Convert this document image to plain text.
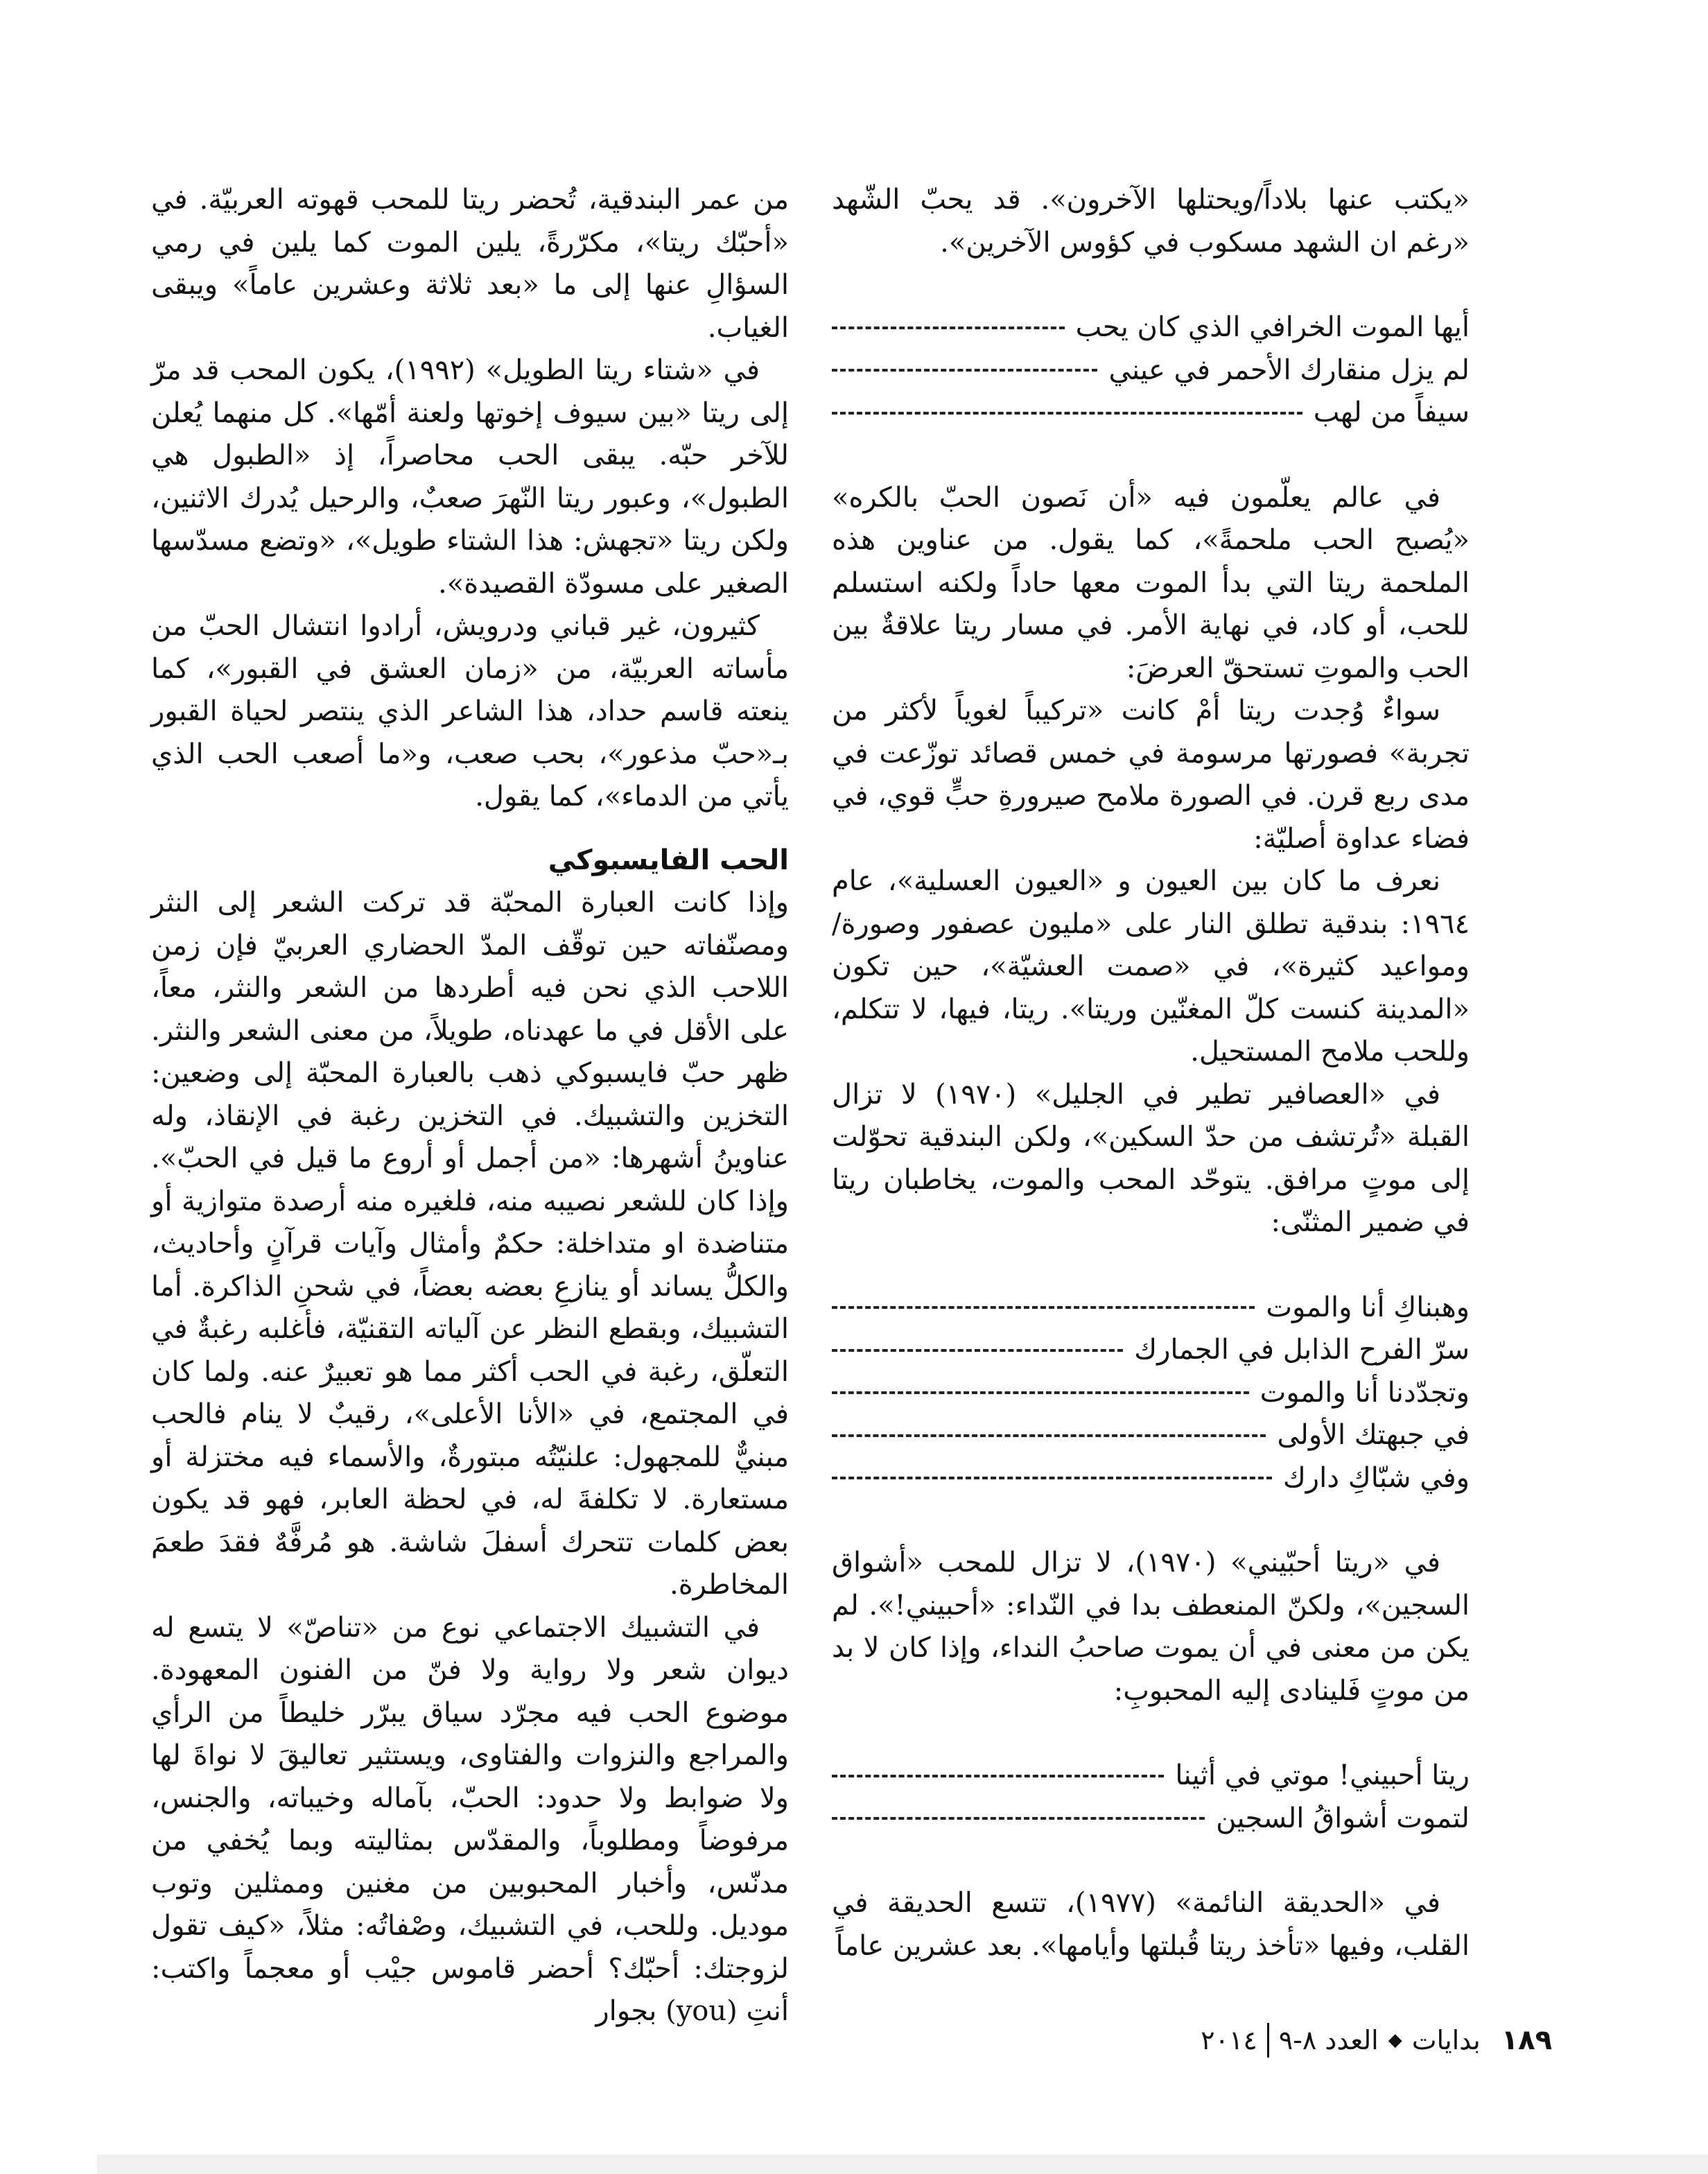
«يكتب عنها بلاداً/ويحتلها الآخرون». قد يحبّ الشّهد «رغم ان الشهد مسكوب في كؤوس الآخرين».

أيها الموت الخرافي الذي كان يحب
لم يزل منقارك الأحمر في عيني
سيفاً من لهب

في عالم يعلّمون فيه «أن نَصون الحبّ بالكره» «يُصبح الحب ملحمةً»، كما يقول. من عناوين هذه الملحمة ريتا التي بدأ الموت معها حاداً ولكنه استسلم للحب، أو كاد، في نهاية الأمر. في مسار ريتا علاقةٌ بين الحب والموتِ تستحقّ العرضَ:

سواءٌ وُجدت ريتا أمْ كانت «تركيباً لغوياً لأكثر من تجربة» فصورتها مرسومة في خمس قصائد توزّعت في مدى ربع قرن. في الصورة ملامح صيرورةِ حبٍّ قوي، في فضاء عداوة أصليّة:

نعرف ما كان بين العيون و «العيون العسلية»، عام ١٩٦٤: بندقية تطلق النار على «مليون عصفور وصورة/ومواعيد كثيرة»، في «صمت العشيّة»، حين تكون «المدينة كنست كلّ المغنّين وريتا». ريتا، فيها، لا تتكلم، وللحب ملامح المستحيل.

في «العصافير تطير في الجليل» (١٩٧٠) لا تزال القبلة «تُرتشف من حدّ السكين»، ولكن البندقية تحوّلت إلى موتٍ مرافق. يتوحّد المحب والموت، يخاطبان ريتا في ضمير المثنّى:

وهبناكِ أنا والموت
سرّ الفرح الذابل في الجمارك
وتجدّدنا أنا والموت
في جبهتك الأولى
وفي شبّاكِ دارك

في «ريتا أحبّيني» (١٩٧٠)، لا تزال للمحب «أشواق السجين»، ولكنّ المنعطف بدا في النّداء: «أحبيني!». لم يكن من معنى في أن يموت صاحبُ النداء، وإذا كان لا بد من موتٍ فَلينادى إليه المحبوبِ:

ريتا أحبيني! موتي في أثينا
لتموت أشواقُ السجين

في «الحديقة النائمة» (١٩٧٧)، تتسع الحديقة في القلب، وفيها «تأخذ ريتا قُبلتها وأيامها». بعد عشرين عاماً

من عمر البندقية، تُحضر ريتا للمحب قهوته العربيّة. في «أحبّك ريتا»، مكرّرةً، يلين الموت كما يلين في رمي السؤالِ عنها إلى ما «بعد ثلاثة وعشرين عاماً» ويبقى الغياب.

في «شتاء ريتا الطويل» (١٩٩٢)، يكون المحب قد مرّ إلى ريتا «بين سيوف إخوتها ولعنة أمّها». كل منهما يُعلن للآخر حبّه. يبقى الحب محاصراً، إذ «الطبول هي الطبول»، وعبور ريتا النّهرَ صعبٌ، والرحيل يُدرك الاثنين، ولكن ريتا «تجهش: هذا الشتاء طويل»، «وتضع مسدّسها الصغير على مسودّة القصيدة».

كثيرون، غير قباني ودرويش، أرادوا انتشال الحبّ من مأساته العربيّة، من «زمان العشق في القبور»، كما ينعته قاسم حداد، هذا الشاعر الذي ينتصر لحياة القبور بـ«حبّ مذعور»، بحب صعب، و«ما أصعب الحب الذي يأتي من الدماء»، كما يقول.

الحب الفايسبوكي

وإذا كانت العبارة المحبّة قد تركت الشعر إلى النثر ومصنّفاته حين توقّف المدّ الحضاري العربيّ فإن زمن اللاحب الذي نحن فيه أطردها من الشعر والنثر، معاً، على الأقل في ما عهدناه، طويلاً، من معنى الشعر والنثر. ظهر حبّ فايسبوكي ذهب بالعبارة المحبّة إلى وضعين: التخزين والتشبيك. في التخزين رغبة في الإنقاذ، وله عناوينُ أشهرها: «من أجمل أو أروع ما قيل في الحبّ». وإذا كان للشعر نصيبه منه، فلغيره منه أرصدة متوازية أو متناضدة او متداخلة: حكمٌ وأمثال وآيات قرآنٍ وأحاديث، والكلُّ يساند أو ينازعِ بعضه بعضاً، في شحنِ الذاكرة. أما التشبيك، وبقطع النظر عن آلياته التقنيّة، فأغلبه رغبةٌ في التعلّق، رغبة في الحب أكثر مما هو تعبيرٌ عنه. ولما كان في المجتمع، في «الأنا الأعلى»، رقيبٌ لا ينام فالحب مبنيٌّ للمجهول: علنيّتُه مبتورةٌ، والأسماء فيه مختزلة أو مستعارة. لا تكلفةَ له، في لحظة العابر، فهو قد يكون بعض كلمات تتحرك أسفلَ شاشة. هو مُرفَّهٌ فقدَ طعمَ المخاطرة.

في التشبيك الاجتماعي نوع من «تناصّ» لا يتسع له ديوان شعر ولا رواية ولا فنّ من الفنون المعهودة. موضوع الحب فيه مجرّد سياق يبرّر خليطاً من الرأي والمراجع والنزوات والفتاوى، ويستثير تعاليقَ لا نواةَ لها ولا ضوابط ولا حدود: الحبّ، بآماله وخيباته، والجنس، مرفوضاً ومطلوباً، والمقدّس بمثاليته وبما يُخفي من مدنّس، وأخبار المحبوبين من مغنين وممثلين وتوب موديل. وللحب، في التشبيك، وصْفاتُه: مثلاً، «كيف تقول لزوجتك: أحبّك؟ أحضر قاموس جيْب أو معجماً واكتب: أنتِ (you) بجوار

١٨٩
بدايات
◆
العدد ٨-٩
٢٠١٤
